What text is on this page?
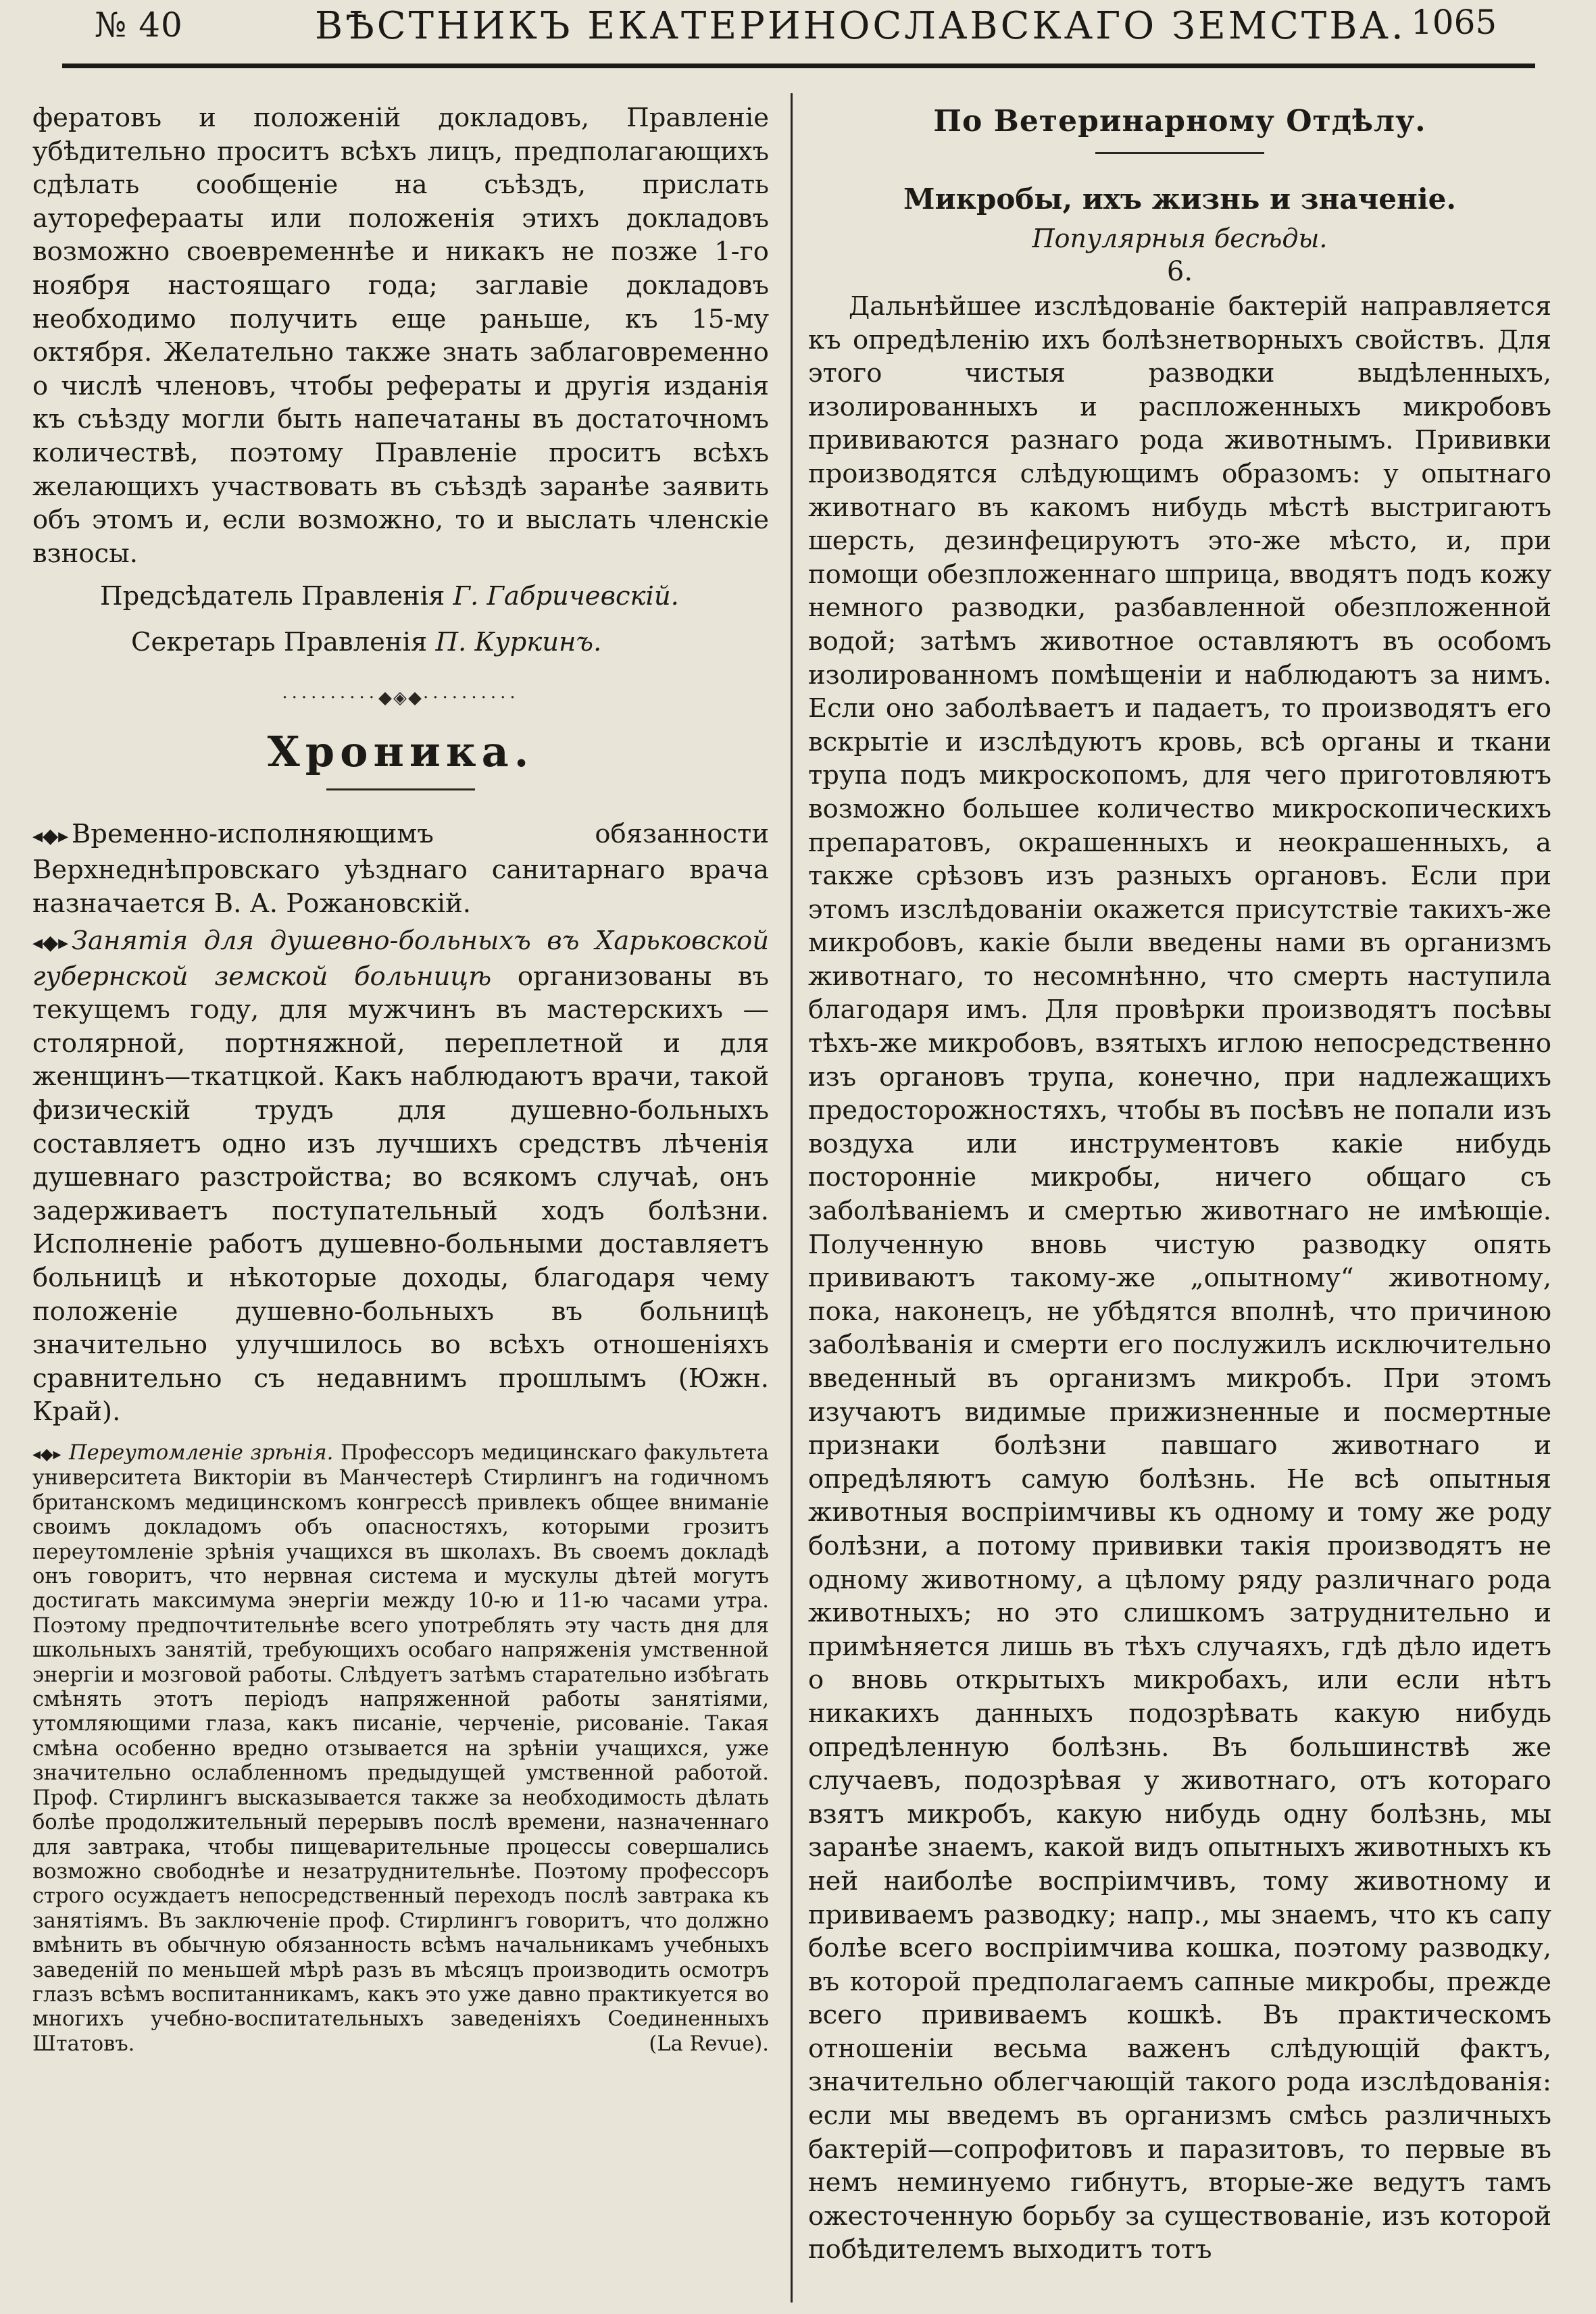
№ 40	ВѢСТНИКЪ ЕКАТЕРИНОСЛАВСКАГО ЗЕМСТВА. 1065

фератовъ и положеній докладовъ, Правленіе убѣдительно проситъ всѣхъ лицъ, предполагающихъ сдѣлать сообщеніе на съѣздъ, прислать аутореферааты или положенія этихъ докладовъ возможно своевременнѣе и никакъ не позже 1-го ноября настоящаго года; заглавіе докладовъ необходимо получить еще раньше, къ 15-му октября. Желательно также знать заблаговременно о числѣ членовъ, чтобы рефераты и другія изданія къ съѣзду могли быть напечатаны въ достаточномъ количествѣ, поэтому Правленіе проситъ всѣхъ желающихъ участвовать въ съѣздѣ заранѣе заявить объ этомъ и, если возможно, то и выслать членскіе взносы.

Предсѣдатель Правленія Г. Габричевскій.

Секретарь Правленія П. Куркинъ.

··········◆◈◆··········
Хроника.

◂◆▸ Временно-исполняющимъ обязанности Верхнеднѣпровскаго уѣзднаго санитарнаго врача назначается В. А. Рожановскій.

◂◆▸ Занятія для душевно-больныхъ въ Харьковской губернской земской больницѣ организованы въ текущемъ году, для мужчинъ въ мастерскихъ —столярной, портняжной, переплетной и для женщинъ—ткатцкой. Какъ наблюдаютъ врачи, такой физическій трудъ для душевно-больныхъ составляетъ одно изъ лучшихъ средствъ лѣченія душевнаго разстройства; во всякомъ случаѣ, онъ задерживаетъ поступательный ходъ болѣзни. Исполненіе работъ душевно-больными доставляетъ больницѣ и нѣкоторые доходы, благодаря чему положеніе душевно-больныхъ въ больницѣ значительно улучшилось во всѣхъ отношеніяхъ сравнительно съ недавнимъ прошлымъ (Южн. Край).

◂◆▸ Переутомленіе зрѣнія. Профессоръ медицинскаго факультета университета Викторіи въ Манчестерѣ Стирлингъ на годичномъ британскомъ медицинскомъ конгрессѣ привлекъ общее вниманіе своимъ докладомъ объ опасностяхъ, которыми грозитъ переутомленіе зрѣнія учащихся въ школахъ. Въ своемъ докладѣ онъ говоритъ, что нервная система и мускулы дѣтей могутъ достигать максимума энергіи между 10-ю и 11-ю часами утра. Поэтому предпочтительнѣе всего употреблять эту часть дня для школьныхъ занятій, требующихъ особаго напряженія умственной энергіи и мозговой работы. Слѣдуетъ затѣмъ старательно избѣгать смѣнять этотъ періодъ напряженной работы занятіями, утомляющими глаза, какъ писаніе, черченіе, рисованіе. Такая смѣна особенно вредно отзывается на зрѣніи учащихся, уже значительно ослабленномъ предыдущей умственной работой. Проф. Стирлингъ высказывается также за необходимость дѣлать болѣе продолжительный перерывъ послѣ времени, назначеннаго для завтрака, чтобы пищеварительные процессы совершались возможно свободнѣе и незатруднительнѣе. Поэтому профессоръ строго осуждаетъ непосредственный переходъ послѣ завтрака къ занятіямъ. Въ заключеніе проф. Стирлингъ говоритъ, что должно вмѣнить въ обычную обязанность всѣмъ начальникамъ учебныхъ заведеній по меньшей мѣрѣ разъ въ мѣсяцъ производить осмотръ глазъ всѣмъ воспитанникамъ, какъ это уже давно практикуется во многихъ учебно-воспитательныхъ заведеніяхъ Соединенныхъ Штатовъ.	(La Revue).

По Ветеринарному Отдѣлу.
Микробы, ихъ жизнь и значеніе.

Популярныя бесѣды.

6.

Дальнѣйшее изслѣдованіе бактерій направляется къ опредѣленію ихъ болѣзнетворныхъ свойствъ. Для этого чистыя разводки выдѣленныхъ, изолированныхъ и распложенныхъ микробовъ прививаются разнаго рода животнымъ. Прививки производятся слѣдующимъ образомъ: у опытнаго животнаго въ какомъ нибудь мѣстѣ выстригаютъ шерсть, дезинфецируютъ это-же мѣсто, и, при помощи обезпложеннаго шприца, вводятъ подъ кожу немного разводки, разбавленной обезпложенной водой; затѣмъ животное оставляютъ въ особомъ изолированномъ помѣщеніи и наблюдаютъ за нимъ. Если оно заболѣваетъ и падаетъ, то производятъ его вскрытіе и изслѣдуютъ кровь, всѣ органы и ткани трупа подъ микроскопомъ, для чего приготовляютъ возможно большее количество микроскопическихъ препаратовъ, окрашенныхъ и неокрашенныхъ, а также срѣзовъ изъ разныхъ органовъ. Если при этомъ изслѣдованіи окажется присутствіе такихъ-же микробовъ, какіе были введены нами въ организмъ животнаго, то несомнѣнно, что смерть наступила благодаря имъ. Для провѣрки производятъ посѣвы тѣхъ-же микробовъ, взятыхъ иглою непосредственно изъ органовъ трупа, конечно, при надлежащихъ предосторожностяхъ, чтобы въ посѣвъ не попали изъ воздуха или инструментовъ какіе нибудь посторонніе микробы, ничего общаго съ заболѣваніемъ и смертью животнаго не имѣющіе. Полученную вновь чистую разводку опять прививаютъ такому-же „опытному“ животному, пока, наконецъ, не убѣдятся вполнѣ, что причиною заболѣванія и смерти его послужилъ исключительно введенный въ организмъ микробъ. При этомъ изучаютъ видимые прижизненные и посмертные признаки болѣзни павшаго животнаго и опредѣляютъ самую болѣзнь. Не всѣ опытныя животныя воспріимчивы къ одному и тому же роду болѣзни, а потому прививки такія производятъ не одному животному, а цѣлому ряду различнаго рода животныхъ; но это слишкомъ затруднительно и примѣняется лишь въ тѣхъ случаяхъ, гдѣ дѣло идетъ о вновь открытыхъ микробахъ, или если нѣтъ никакихъ данныхъ подозрѣвать какую нибудь опредѣленную болѣзнь. Въ большинствѣ же случаевъ, подозрѣвая у животнаго, отъ котораго взятъ микробъ, какую нибудь одну болѣзнь, мы заранѣе знаемъ, какой видъ опытныхъ животныхъ къ ней наиболѣе воспріимчивъ, тому животному и прививаемъ разводку; напр., мы знаемъ, что къ сапу болѣе всего воспріимчива кошка, поэтому разводку, въ которой предполагаемъ сапные микробы, прежде всего прививаемъ кошкѣ. Въ практическомъ отношеніи весьма важенъ слѣдующій фактъ, значительно облегчающій такого рода изслѣдованія: если мы введемъ въ организмъ смѣсь различныхъ бактерій—сопрофитовъ и паразитовъ, то первые въ немъ неминуемо гибнутъ, вторые-же ведутъ тамъ ожесточенную борьбу за существованіе, изъ которой побѣдителемъ выходитъ тотъ
